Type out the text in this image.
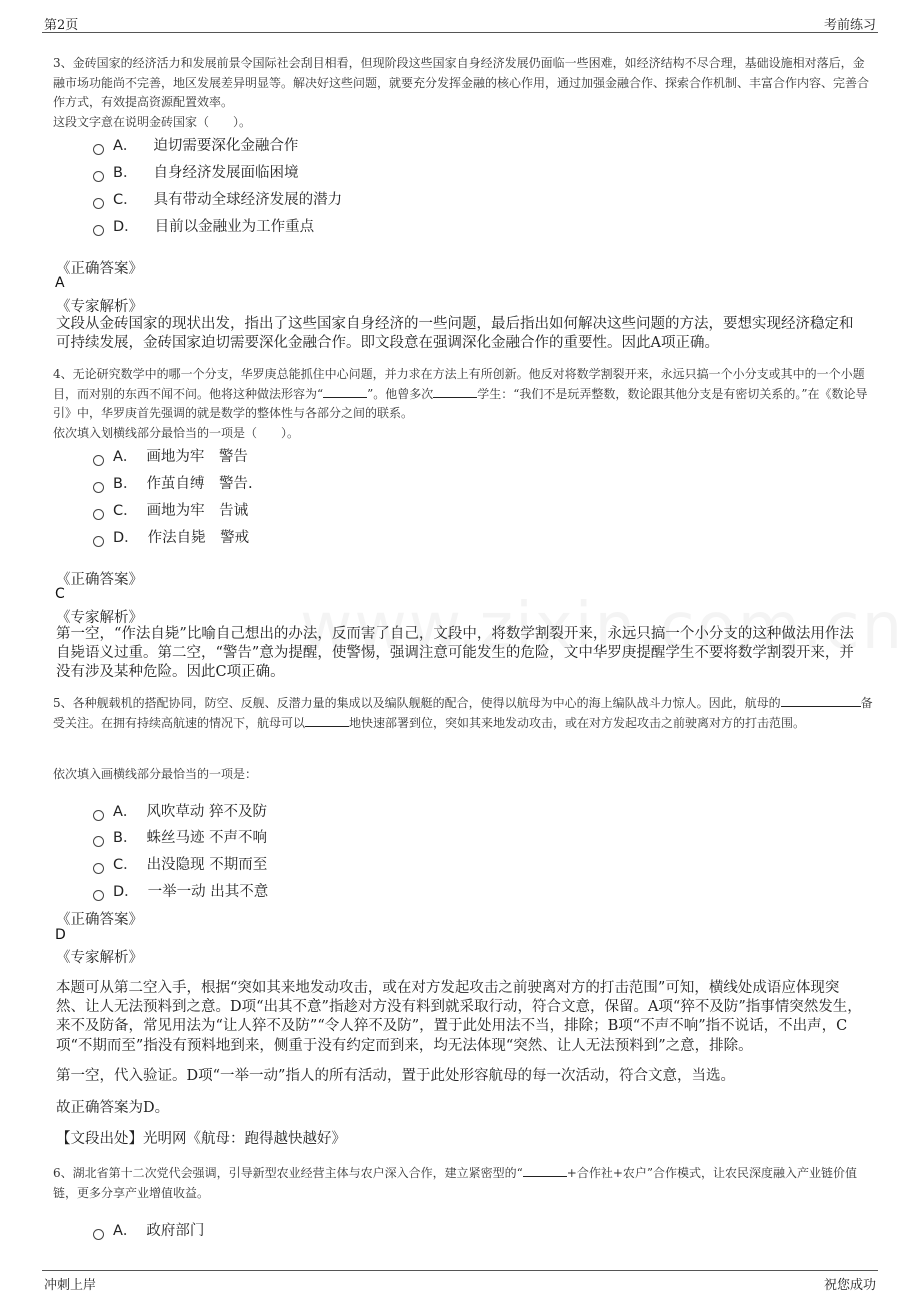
第2页	考前练习
3、金砖国家的经济活力和发展前景令国际社会刮目相看，但现阶段这些国家自身经济发展仍面临一些困难，如经济结构不尽合理，基础设施相对落后，金融市场功能尚不完善，地区发展差异明显等。解决好这些问题，就要充分发挥金融的核心作用，通过加强金融合作、探索合作机制、丰富合作内容、完善合作方式，有效提高资源配置效率。
这段文字意在说明金砖国家（　　）。
A． 迫切需要深化金融合作
B． 自身经济发展面临困境
C． 具有带动全球经济发展的潜力
D． 目前以金融业为工作重点
《正确答案》
A
《专家解析》
文段从金砖国家的现状出发，指出了这些国家自身经济的一些问题，最后指出如何解决这些问题的方法，要想实现经济稳定和可持续发展，金砖国家迫切需要深化金融合作。即文段意在强调深化金融合作的重要性。因此A项正确。
4、无论研究数学中的哪一个分支，华罗庚总能抓住中心问题，并力求在方法上有所创新。他反对将数学割裂开来，永远只搞一个小分支或其中的一个小题目，而对别的东西不闻不问。他将这种做法形容为“	”。他曾多次	学生：“我们不是玩弄整数，数论跟其他分支是有密切关系的。”在《数论导引》中，华罗庚首先强调的就是数学的整体性与各部分之间的联系。
依次填入划横线部分最恰当的一项是（　　）。
A． 画地为牢　警告
B． 作茧自缚　警告.
C． 画地为牢　告诫
D． 作法自毙　警戒
《正确答案》
C
《专家解析》
第一空，“作法自毙”比喻自己想出的办法，反而害了自己，文段中，将数学割裂开来，永远只搞一个小分支的这种做法用作法自毙语义过重。第二空，“警告”意为提醒，使警惕，强调注意可能发生的危险，文中华罗庚提醒学生不要将数学割裂开来，并没有涉及某种危险。因此C项正确。
5、各种舰载机的搭配协同，防空、反舰、反潜力量的集成以及编队舰艇的配合，使得以航母为中心的海上编队战斗力惊人。因此，航母的	备受关注。在拥有持续高航速的情况下，航母可以	地快速部署到位，突如其来地发动攻击，或在对方发起攻击之前驶离对方的打击范围。
依次填入画横线部分最恰当的一项是：
A． 风吹草动 猝不及防
B． 蛛丝马迹 不声不响
C． 出没隐现 不期而至
D． 一举一动 出其不意
《正确答案》
D
《专家解析》
本题可从第二空入手，根据“突如其来地发动攻击，或在对方发起攻击之前驶离对方的打击范围”可知，横线处成语应体现突然、让人无法预料到之意。D项“出其不意”指趁对方没有料到就采取行动，符合文意，保留。A项“猝不及防”指事情突然发生，来不及防备，常见用法为“让人猝不及防”“令人猝不及防”，置于此处用法不当，排除；B项“不声不响”指不说话，不出声，C项“不期而至”指没有预料地到来，侧重于没有约定而到来，均无法体现“突然、让人无法预料到”之意，排除。
第一空，代入验证。D项“一举一动”指人的所有活动，置于此处形容航母的每一次活动，符合文意，当选。
故正确答案为D。
【文段出处】光明网《航母：跑得越快越好》
6、湖北省第十二次党代会强调，引导新型农业经营主体与农户深入合作，建立紧密型的“	+合作社+农户”合作模式，让农民深度融入产业链价值链，更多分享产业增值收益。
A． 政府部门
冲刺上岸	祝您成功
